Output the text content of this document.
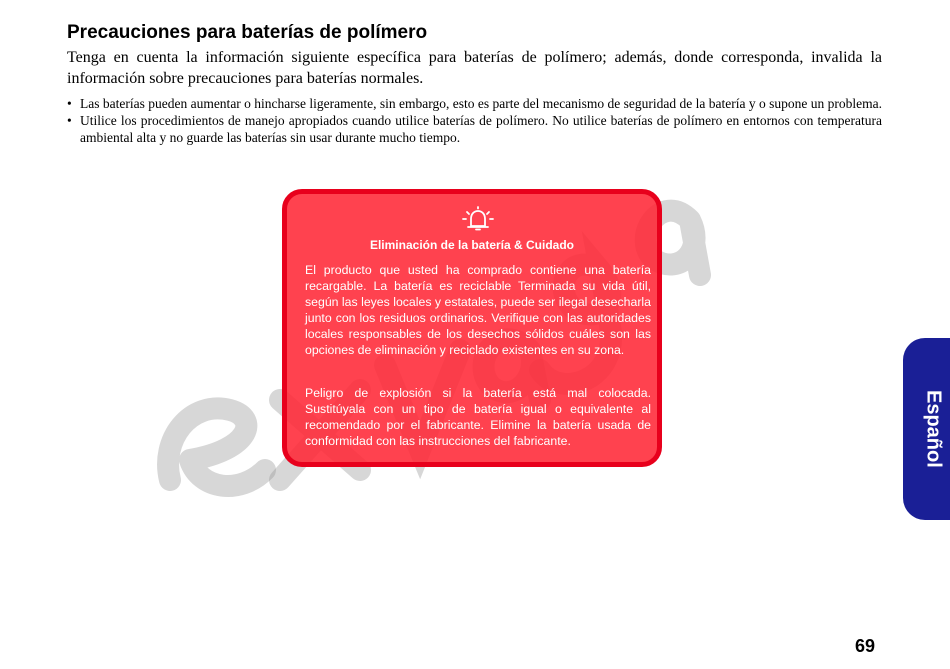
Precauciones para baterías de polímero

Tenga en cuenta la información siguiente específica para baterías de polímero; además, donde corresponda, invalida la información sobre precauciones para baterías normales.

• Las baterías pueden aumentar o hincharse ligeramente, sin embargo, esto es parte del mecanismo de seguridad de la batería y o supone un problema.
• Utilice los procedimientos de manejo apropiados cuando utilice baterías de polímero. No utilice baterías de polímero en entornos con temperatura ambiental alta y no guarde las baterías sin usar durante mucho tiempo.
Eliminación de la batería & Cuidado

El producto que usted ha comprado contiene una batería recargable. La batería es reciclable Terminada su vida útil, según las leyes locales y estatales, puede ser ilegal desecharla junto con los residuos ordinarios. Verifique con las autoridades locales responsables de los desechos sólidos cuáles son las opciones de eliminación y reciclado existentes en su zona.

Peligro de explosión si la batería está mal colocada. Sustitúyala con un tipo de batería igual o equivalente al recomendado por el fabricante. Elimine la batería usada de conformidad con las instrucciones del fabricante.	Español
69
